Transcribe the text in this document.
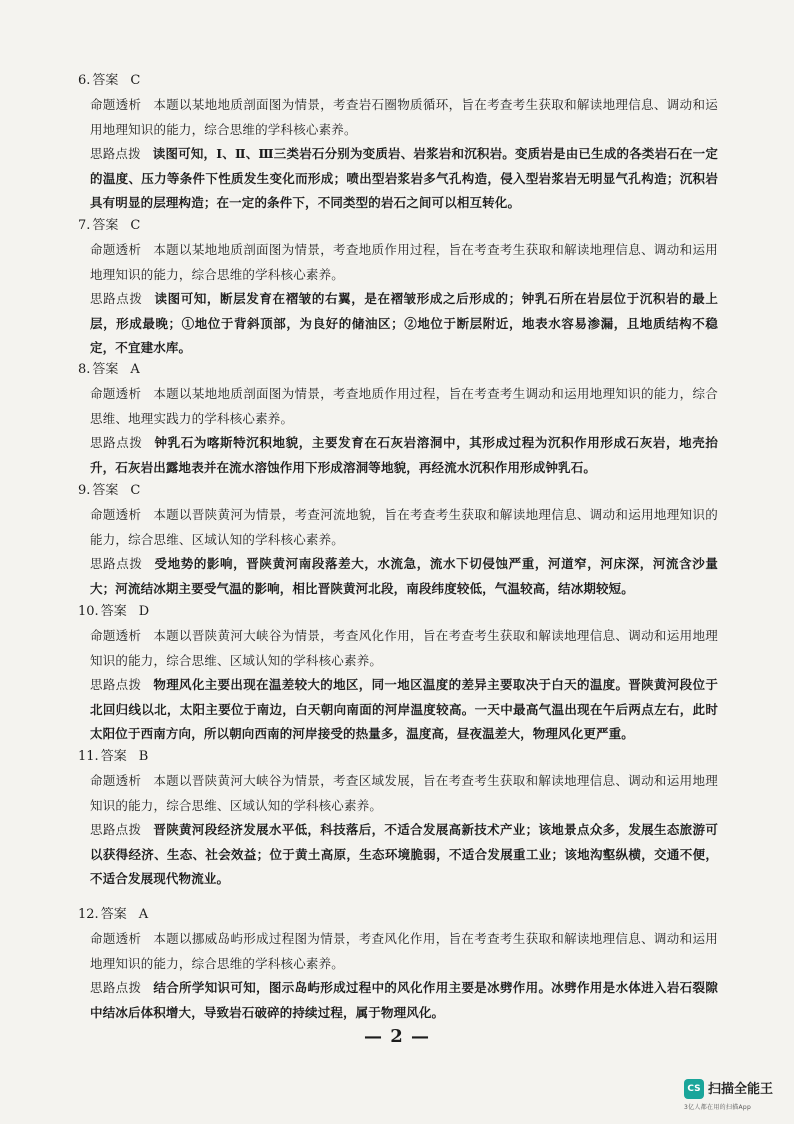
6. 答案 C
命题透析 本题以某地地质剖面图为情景，考查岩石圈物质循环，旨在考查考生获取和解读地理信息、调动和运用地理知识的能力，综合思维的学科核心素养。
思路点拨 读图可知，Ⅰ、Ⅱ、Ⅲ三类岩石分别为变质岩、岩浆岩和沉积岩。变质岩是由已生成的各类岩石在一定的温度、压力等条件下性质发生变化而形成；喷出型岩浆岩多气孔构造，侵入型岩浆岩无明显气孔构造；沉积岩具有明显的层理构造；在一定的条件下，不同类型的岩石之间可以相互转化。
7. 答案 C
命题透析 本题以某地地质剖面图为情景，考查地质作用过程，旨在考查考生获取和解读地理信息、调动和运用地理知识的能力，综合思维的学科核心素养。
思路点拨 读图可知，断层发育在褶皱的右翼，是在褶皱形成之后形成的；钟乳石所在岩层位于沉积岩的最上层，形成最晚；①地位于背斜顶部，为良好的储油区；②地位于断层附近，地表水容易渗漏，且地质结构不稳定，不宜建水库。
8. 答案 A
命题透析 本题以某地地质剖面图为情景，考查地质作用过程，旨在考查考生调动和运用地理知识的能力，综合思维、地理实践力的学科核心素养。
思路点拨 钟乳石为喀斯特沉积地貌，主要发育在石灰岩溶洞中，其形成过程为沉积作用形成石灰岩，地壳抬升，石灰岩出露地表并在流水溶蚀作用下形成溶洞等地貌，再经流水沉积作用形成钟乳石。
9. 答案 C
命题透析 本题以晋陕黄河为情景，考查河流地貌，旨在考查考生获取和解读地理信息、调动和运用地理知识的能力，综合思维、区域认知的学科核心素养。
思路点拨 受地势的影响，晋陕黄河南段落差大，水流急，流水下切侵蚀严重，河道窄，河床深，河流含沙量大；河流结冰期主要受气温的影响，相比晋陕黄河北段，南段纬度较低，气温较高，结冰期较短。
10. 答案 D
命题透析 本题以晋陕黄河大峡谷为情景，考查风化作用，旨在考查考生获取和解读地理信息、调动和运用地理知识的能力，综合思维、区域认知的学科核心素养。
思路点拨 物理风化主要出现在温差较大的地区，同一地区温度的差异主要取决于白天的温度。晋陕黄河段位于北回归线以北，太阳主要位于南边，白天朝向南面的河岸温度较高。一天中最高气温出现在午后两点左右，此时太阳位于西南方向，所以朝向西南的河岸接受的热量多，温度高，昼夜温差大，物理风化更严重。
11. 答案 B
命题透析 本题以晋陕黄河大峡谷为情景，考查区域发展，旨在考查考生获取和解读地理信息、调动和运用地理知识的能力，综合思维、区域认知的学科核心素养。
思路点拨 晋陕黄河段经济发展水平低，科技落后，不适合发展高新技术产业；该地景点众多，发展生态旅游可以获得经济、生态、社会效益；位于黄土高原，生态环境脆弱，不适合发展重工业；该地沟壑纵横，交通不便，不适合发展现代物流业。
12. 答案 A
命题透析 本题以挪威岛屿形成过程图为情景，考查风化作用，旨在考查考生获取和解读地理信息、调动和运用地理知识的能力，综合思维的学科核心素养。
思路点拨 结合所学知识可知，图示岛屿形成过程中的风化作用主要是冰劈作用。冰劈作用是水体进入岩石裂隙中结冰后体积增大，导致岩石破碎的持续过程，属于物理风化。
— 2 —
CS 扫描全能王
3亿人都在用的扫描App
